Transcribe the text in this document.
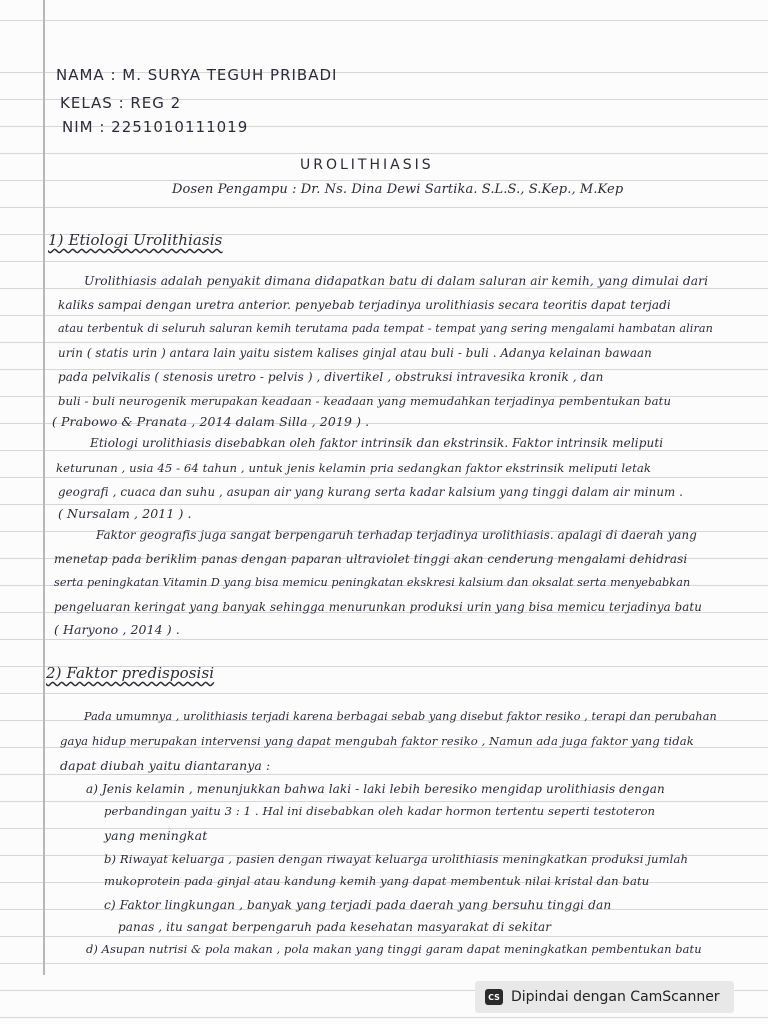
NAMA : M. SURYA TEGUH PRIBADI
KELAS : REG 2
NIM : 2251010111019
UROLITHIASIS
Dosen Pengampu : Dr. Ns. Dina Dewi Sartika. S.L.S., S.Kep., M.Kep
1) Etiologi Urolithiasis
Urolithiasis adalah penyakit dimana didapatkan batu di dalam saluran air kemih, yang dimulai dari
kaliks sampai dengan uretra anterior. penyebab terjadinya urolithiasis secara teoritis dapat terjadi
atau terbentuk di seluruh saluran kemih terutama pada tempat - tempat yang sering mengalami hambatan aliran
urin ( statis urin ) antara lain yaitu sistem kalises ginjal atau buli - buli . Adanya kelainan bawaan
pada pelvikalis ( stenosis uretro - pelvis ) , divertikel , obstruksi intravesika kronik , dan
buli - buli neurogenik merupakan keadaan - keadaan yang memudahkan terjadinya pembentukan batu
( Prabowo & Pranata , 2014 dalam Silla , 2019 ) .
Etiologi urolithiasis disebabkan oleh faktor intrinsik dan ekstrinsik. Faktor intrinsik meliputi
keturunan , usia 45 - 64 tahun , untuk jenis kelamin pria sedangkan faktor ekstrinsik meliputi letak
geografi , cuaca dan suhu , asupan air yang kurang serta kadar kalsium yang tinggi dalam air minum .
( Nursalam , 2011 ) .
Faktor geografis juga sangat berpengaruh terhadap terjadinya urolithiasis. apalagi di daerah yang
menetap pada beriklim panas dengan paparan ultraviolet tinggi akan cenderung mengalami dehidrasi
serta peningkatan Vitamin D yang bisa memicu peningkatan ekskresi kalsium dan oksalat serta menyebabkan
pengeluaran keringat yang banyak sehingga menurunkan produksi urin yang bisa memicu terjadinya batu
( Haryono , 2014 ) .
2) Faktor predisposisi
Pada umumnya , urolithiasis terjadi karena berbagai sebab yang disebut faktor resiko , terapi dan perubahan
gaya hidup merupakan intervensi yang dapat mengubah faktor resiko , Namun ada juga faktor yang tidak
dapat diubah yaitu diantaranya :
a) Jenis kelamin , menunjukkan bahwa laki - laki lebih beresiko mengidap urolithiasis dengan
perbandingan yaitu 3 : 1 . Hal ini disebabkan oleh kadar hormon tertentu seperti testoteron
yang meningkat
b) Riwayat keluarga , pasien dengan riwayat keluarga urolithiasis meningkatkan produksi jumlah
mukoprotein pada ginjal atau kandung kemih yang dapat membentuk nilai kristal dan batu
c) Faktor lingkungan , banyak yang terjadi pada daerah yang bersuhu tinggi dan
panas , itu sangat berpengaruh pada kesehatan masyarakat di sekitar
d) Asupan nutrisi & pola makan , pola makan yang tinggi garam dapat meningkatkan pembentukan batu
CS Dipindai dengan CamScanner
